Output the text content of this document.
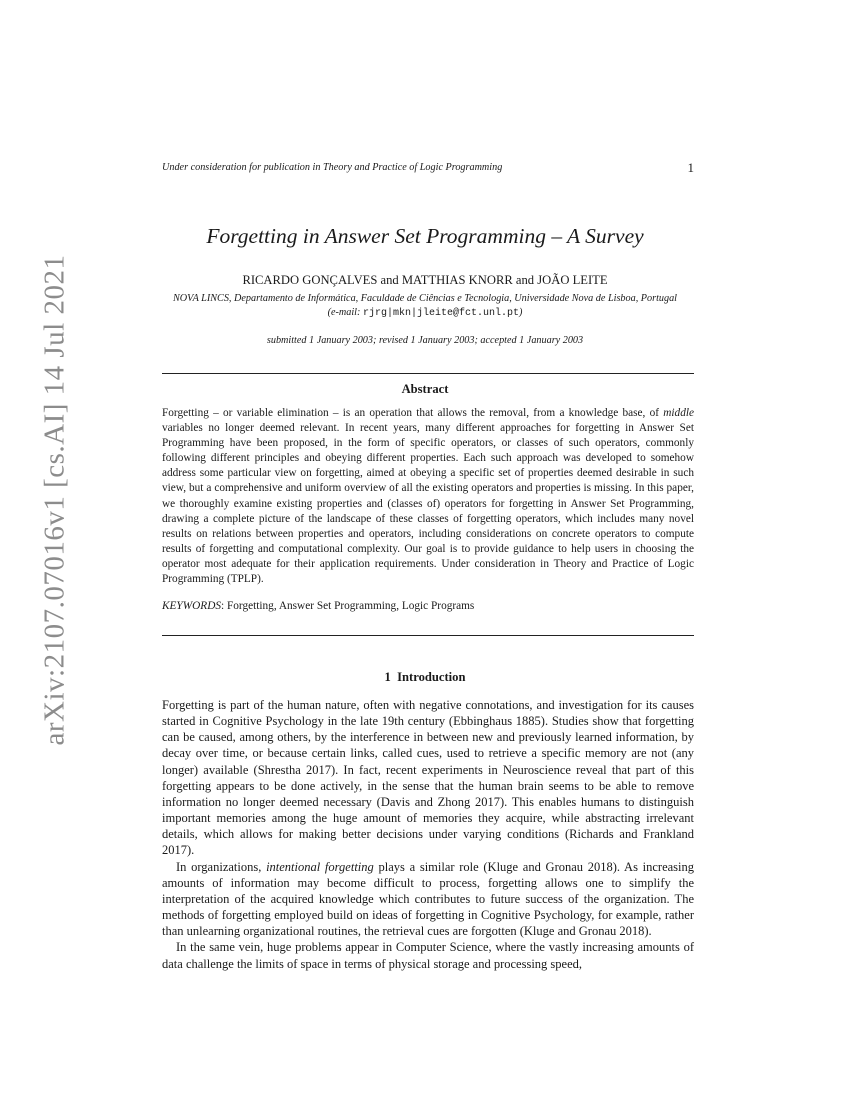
arXiv:2107.07016v1 [cs.AI] 14 Jul 2021
Under consideration for publication in Theory and Practice of Logic Programming	1
Forgetting in Answer Set Programming – A Survey
RICARDO GONÇALVES and MATTHIAS KNORR and JOÃO LEITE
NOVA LINCS, Departamento de Informática, Faculdade de Ciências e Tecnologia, Universidade Nova de Lisboa, Portugal
(e-mail: rjrg|mkn|jleite@fct.unl.pt)
submitted 1 January 2003; revised 1 January 2003; accepted 1 January 2003
Abstract
Forgetting – or variable elimination – is an operation that allows the removal, from a knowledge base, of middle variables no longer deemed relevant. In recent years, many different approaches for forgetting in Answer Set Programming have been proposed, in the form of specific operators, or classes of such operators, commonly following different principles and obeying different properties. Each such approach was developed to somehow address some particular view on forgetting, aimed at obeying a specific set of properties deemed desirable in such view, but a comprehensive and uniform overview of all the existing operators and properties is missing. In this paper, we thoroughly examine existing properties and (classes of) operators for forgetting in Answer Set Programming, drawing a complete picture of the landscape of these classes of forgetting operators, which includes many novel results on relations between properties and operators, including considerations on concrete operators to compute results of forgetting and computational complexity. Our goal is to provide guidance to help users in choosing the operator most adequate for their application requirements. Under consideration in Theory and Practice of Logic Programming (TPLP).
KEYWORDS: Forgetting, Answer Set Programming, Logic Programs
1 Introduction

Forgetting is part of the human nature, often with negative connotations, and investigation for its causes started in Cognitive Psychology in the late 19th century (Ebbinghaus 1885). Studies show that forgetting can be caused, among others, by the interference in between new and previously learned information, by decay over time, or because certain links, called cues, used to retrieve a specific memory are not (any longer) available (Shrestha 2017). In fact, recent experiments in Neuroscience reveal that part of this forgetting appears to be done actively, in the sense that the human brain seems to be able to remove information no longer deemed necessary (Davis and Zhong 2017). This enables humans to distinguish important memories among the huge amount of memories they acquire, while abstracting irrelevant details, which allows for making better decisions under varying conditions (Richards and Frankland 2017).

In organizations, intentional forgetting plays a similar role (Kluge and Gronau 2018). As increasing amounts of information may become difficult to process, forgetting allows one to simplify the interpretation of the acquired knowledge which contributes to future success of the organization. The methods of forgetting employed build on ideas of forgetting in Cognitive Psychology, for example, rather than unlearning organizational routines, the retrieval cues are forgotten (Kluge and Gronau 2018).

In the same vein, huge problems appear in Computer Science, where the vastly increasing amounts of data challenge the limits of space in terms of physical storage and processing speed,
